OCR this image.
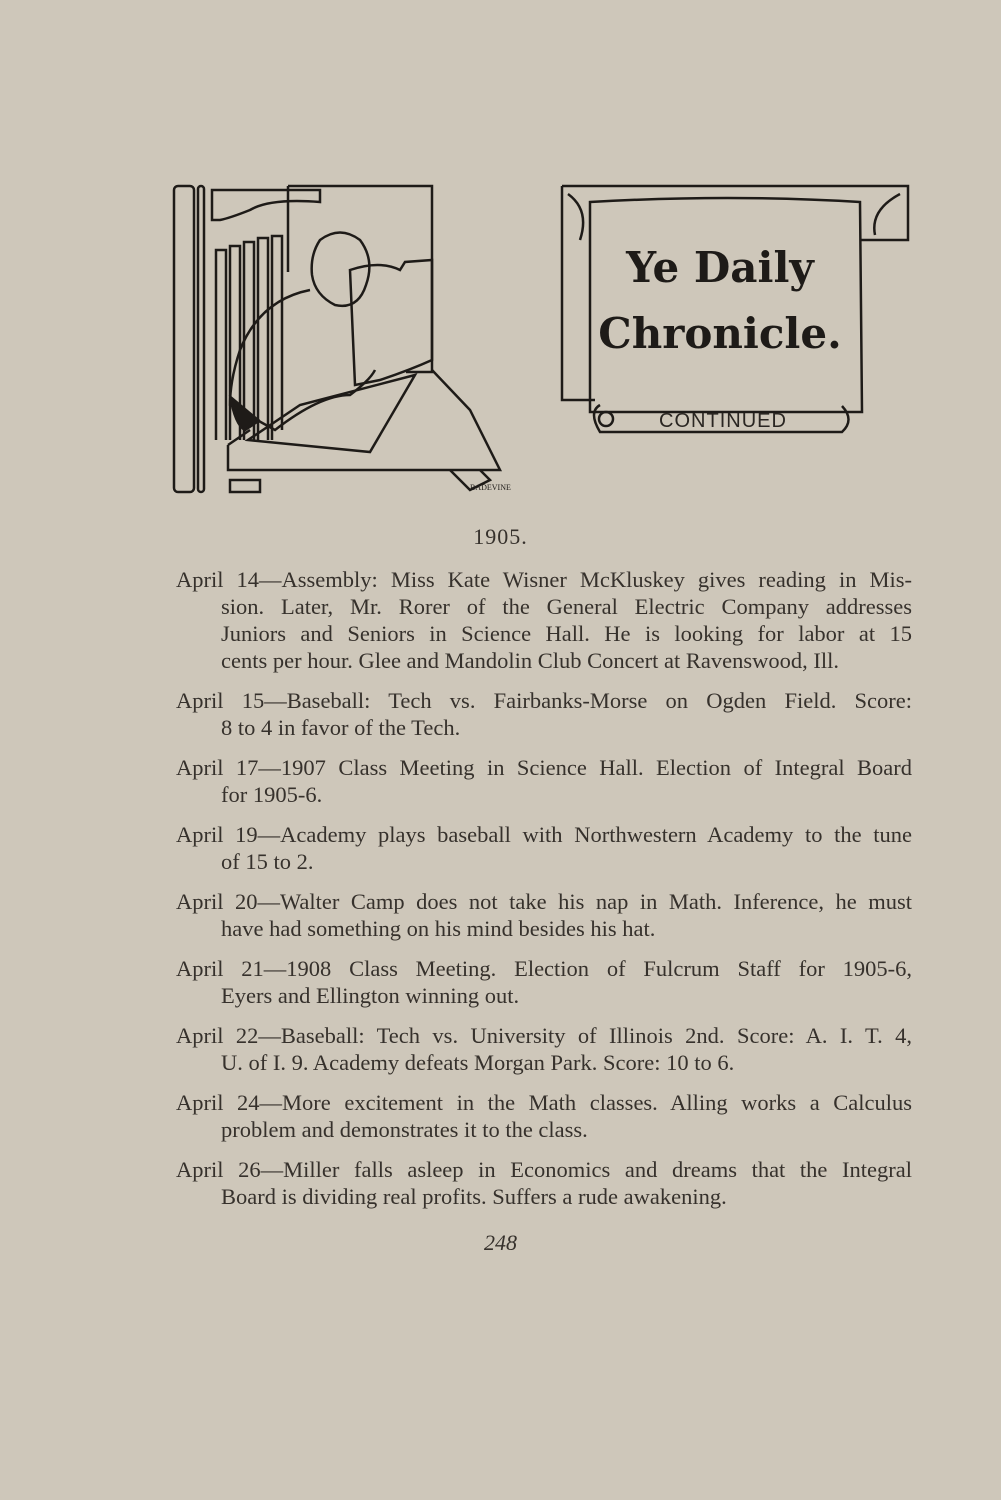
BADEVINE
Ye Daily
Chronicle.
CONTINUED
1905.
April 14—Assembly: Miss Kate Wisner McKluskey gives reading in Mis-
sion. Later, Mr. Rorer of the General Electric Company addresses
Juniors and Seniors in Science Hall. He is looking for labor at 15
cents per hour. Glee and Mandolin Club Concert at Ravenswood, Ill.
April 15—Baseball: Tech vs. Fairbanks-Morse on Ogden Field. Score:
8 to 4 in favor of the Tech.
April 17—1907 Class Meeting in Science Hall. Election of Integral Board
for 1905-6.
April 19—Academy plays baseball with Northwestern Academy to the tune
of 15 to 2.
April 20—Walter Camp does not take his nap in Math. Inference, he must
have had something on his mind besides his hat.
April 21—1908 Class Meeting. Election of Fulcrum Staff for 1905-6,
Eyers and Ellington winning out.
April 22—Baseball: Tech vs. University of Illinois 2nd. Score: A. I. T. 4,
U. of I. 9. Academy defeats Morgan Park. Score: 10 to 6.
April 24—More excitement in the Math classes. Alling works a Calculus
problem and demonstrates it to the class.
April 26—Miller falls asleep in Economics and dreams that the Integral
Board is dividing real profits. Suffers a rude awakening.
248
